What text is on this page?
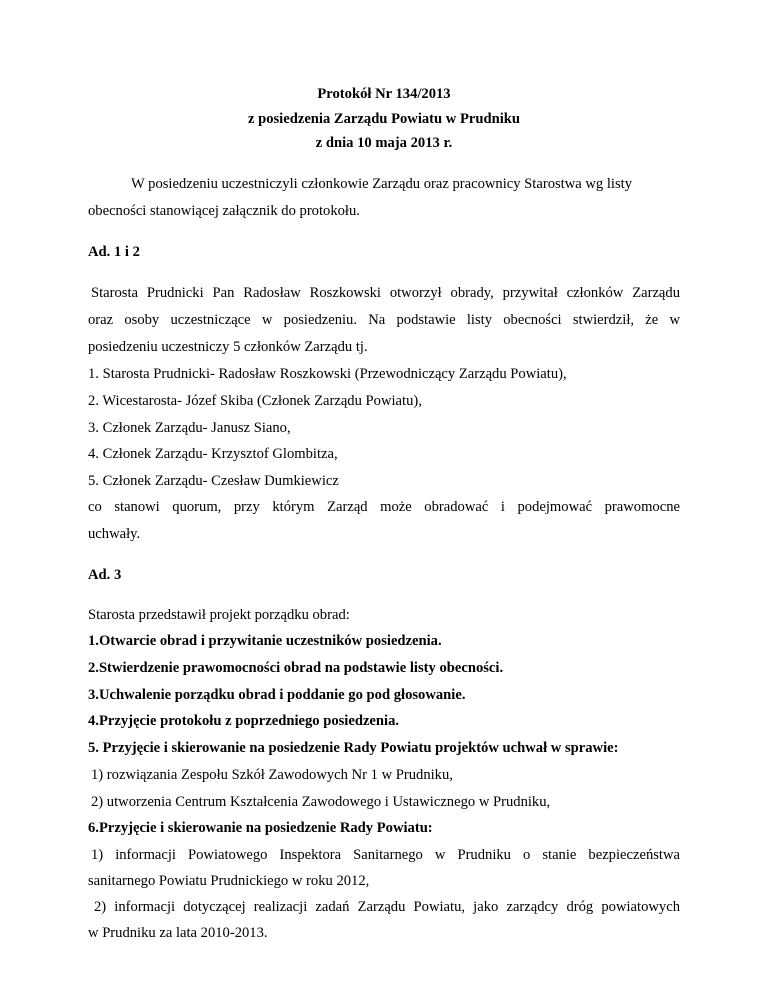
Protokół Nr 134/2013
z posiedzenia Zarządu Powiatu w Prudniku
z dnia 10 maja 2013 r.
W posiedzeniu uczestniczyli członkowie Zarządu oraz pracownicy Starostwa wg listy
obecności stanowiącej załącznik do protokołu.
Ad. 1 i 2
Starosta Prudnicki Pan Radosław Roszkowski otworzył obrady, przywitał członków Zarządu
oraz osoby uczestniczące w posiedzeniu. Na podstawie listy obecności stwierdził, że w
posiedzeniu uczestniczy 5 członków Zarządu tj.
1. Starosta Prudnicki- Radosław Roszkowski (Przewodniczący Zarządu Powiatu),
2. Wicestarosta- Józef Skiba (Członek Zarządu Powiatu),
3. Członek Zarządu- Janusz Siano,
4. Członek Zarządu- Krzysztof Glombitza,
5. Członek Zarządu- Czesław Dumkiewicz
co stanowi quorum, przy którym Zarząd może obradować i podejmować prawomocne
uchwały.
Ad. 3
Starosta przedstawił projekt porządku obrad:
1.Otwarcie obrad i przywitanie uczestników posiedzenia.
2.Stwierdzenie prawomocności obrad na podstawie listy obecności.
3.Uchwalenie porządku obrad i poddanie go pod głosowanie.
4.Przyjęcie protokołu z poprzedniego posiedzenia.
5. Przyjęcie i skierowanie na posiedzenie Rady Powiatu projektów uchwał w sprawie:
1) rozwiązania Zespołu Szkół Zawodowych Nr 1 w Prudniku,
2) utworzenia Centrum Kształcenia Zawodowego i Ustawicznego w Prudniku,
6.Przyjęcie i skierowanie na posiedzenie Rady Powiatu:
1) informacji Powiatowego Inspektora Sanitarnego w Prudniku o stanie bezpieczeństwa
sanitarnego Powiatu Prudnickiego w roku 2012,
2) informacji dotyczącej realizacji zadań Zarządu Powiatu, jako zarządcy dróg powiatowych
w Prudniku za lata 2010-2013.
